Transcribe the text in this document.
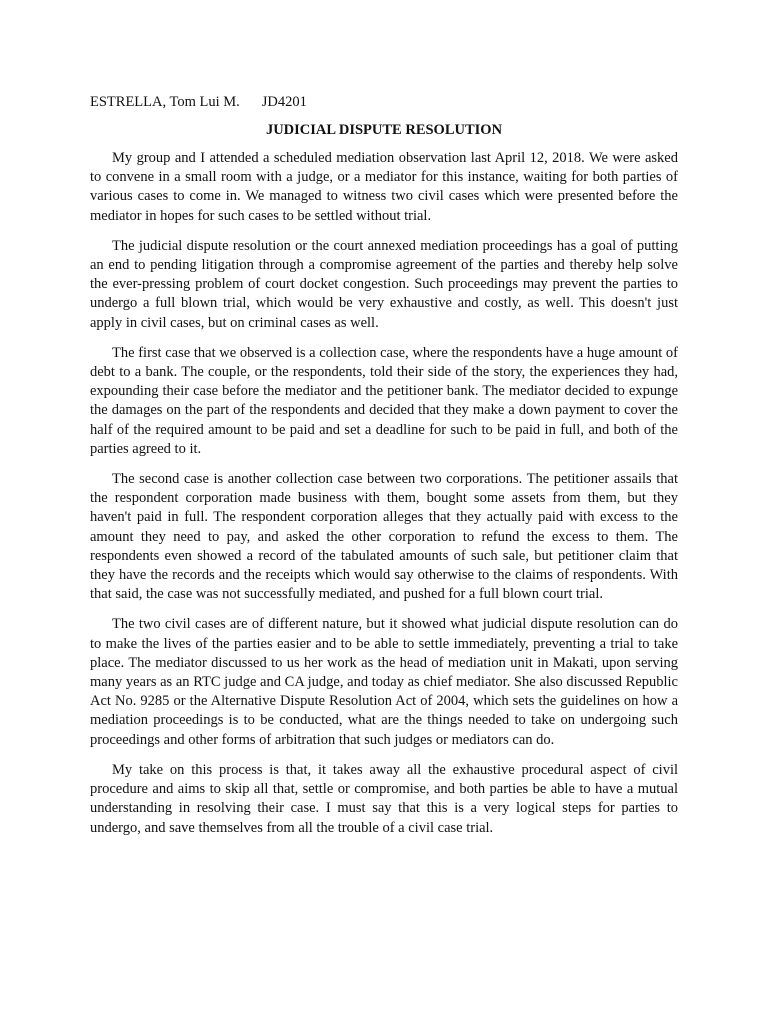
ESTRELLA, Tom Lui M. JD4201
JUDICIAL DISPUTE RESOLUTION

My group and I attended a scheduled mediation observation last April 12, 2018. We were asked to convene in a small room with a judge, or a mediator for this instance, waiting for both parties of various cases to come in. We managed to witness two civil cases which were presented before the mediator in hopes for such cases to be settled without trial.

The judicial dispute resolution or the court annexed mediation proceedings has a goal of putting an end to pending litigation through a compromise agreement of the parties and thereby help solve the ever-pressing problem of court docket congestion. Such proceedings may prevent the parties to undergo a full blown trial, which would be very exhaustive and costly, as well. This doesn't just apply in civil cases, but on criminal cases as well.

The first case that we observed is a collection case, where the respondents have a huge amount of debt to a bank. The couple, or the respondents, told their side of the story, the experiences they had, expounding their case before the mediator and the petitioner bank. The mediator decided to expunge the damages on the part of the respondents and decided that they make a down payment to cover the half of the required amount to be paid and set a deadline for such to be paid in full, and both of the parties agreed to it.

The second case is another collection case between two corporations. The petitioner assails that the respondent corporation made business with them, bought some assets from them, but they haven't paid in full. The respondent corporation alleges that they actually paid with excess to the amount they need to pay, and asked the other corporation to refund the excess to them. The respondents even showed a record of the tabulated amounts of such sale, but petitioner claim that they have the records and the receipts which would say otherwise to the claims of respondents. With that said, the case was not successfully mediated, and pushed for a full blown court trial.

The two civil cases are of different nature, but it showed what judicial dispute resolution can do to make the lives of the parties easier and to be able to settle immediately, preventing a trial to take place. The mediator discussed to us her work as the head of mediation unit in Makati, upon serving many years as an RTC judge and CA judge, and today as chief mediator. She also discussed Republic Act No. 9285 or the Alternative Dispute Resolution Act of 2004, which sets the guidelines on how a mediation proceedings is to be conducted, what are the things needed to take on undergoing such proceedings and other forms of arbitration that such judges or mediators can do.

My take on this process is that, it takes away all the exhaustive procedural aspect of civil procedure and aims to skip all that, settle or compromise, and both parties be able to have a mutual understanding in resolving their case. I must say that this is a very logical steps for parties to undergo, and save themselves from all the trouble of a civil case trial.
